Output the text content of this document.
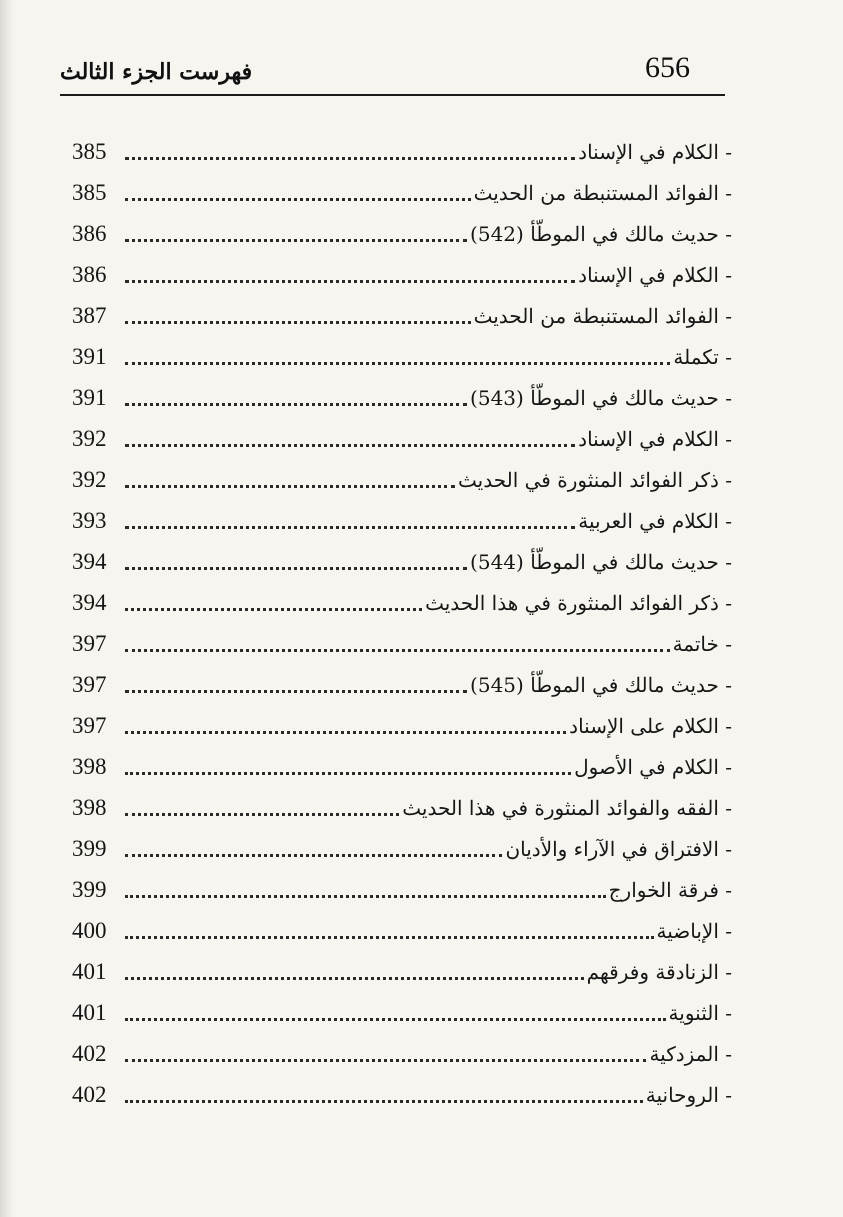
656
فهرست الجزء الثالث
- الكلام في الإسناد
385
- الفوائد المستنبطة من الحديث
385
- حديث مالك في الموطّأ (542)
386
- الكلام في الإسناد
386
- الفوائد المستنبطة من الحديث
387
- تكملة
391
- حديث مالك في الموطّأ (543)
391
- الكلام في الإسناد
392
- ذكر الفوائد المنثورة في الحديث
392
- الكلام في العربية
393
- حديث مالك في الموطّأ (544)
394
- ذكر الفوائد المنثورة في هذا الحديث
394
- خاتمة
397
- حديث مالك في الموطّأ (545)
397
- الكلام على الإسناد
397
- الكلام في الأصول
398
- الفقه والفوائد المنثورة في هذا الحديث
398
- الافتراق في الآراء والأديان
399
- فرقة الخوارج
399
- الإباضية
400
- الزنادقة وفرقهم
401
- الثنوية
401
- المزدكية
402
- الروحانية
402
